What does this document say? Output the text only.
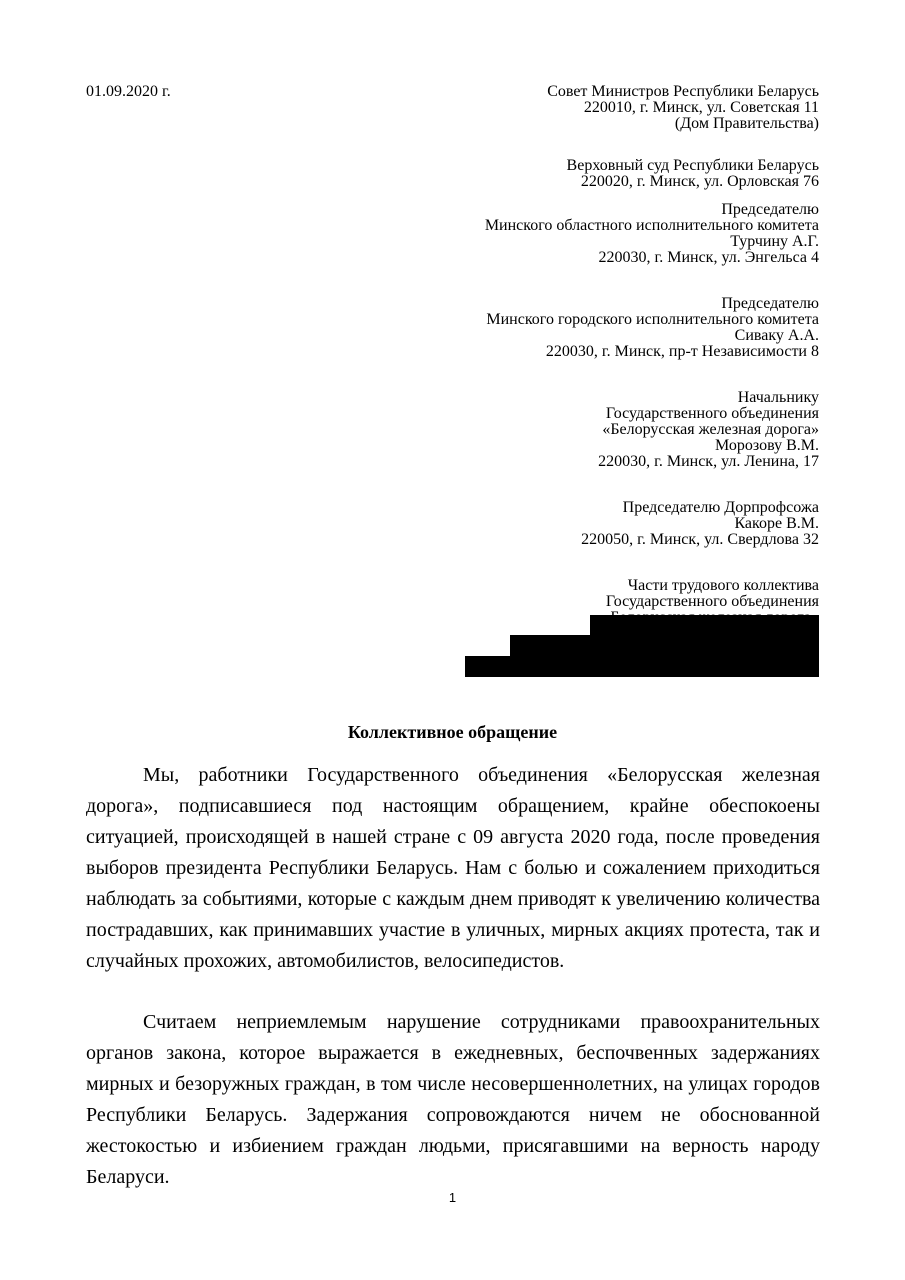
01.09.2020 г.	Совет Министров Республики Беларусь
220010, г. Минск, ул. Советская 11
(Дом Правительства)
Верховный суд Республики Беларусь
220020, г. Минск, ул. Орловская 76
Председателю
Минского областного исполнительного комитета
Турчину А.Г.
220030, г. Минск, ул. Энгельса 4
Председателю
Минского городского исполнительного комитета
Сиваку А.А.
220030, г. Минск, пр-т Независимости 8
Начальнику
Государственного объединения
«Белорусская железная дорога»
Морозову В.М.
220030, г. Минск, ул. Ленина, 17
Председателю Дорпрофсожа
Какоре В.М.
220050, г. Минск, ул. Свердлова 32
Части трудового коллектива
Государственного объединения
Коллективное обращение

Мы, работники Государственного объединения «Белорусская железная дорога», подписавшиеся под настоящим обращением, крайне обеспокоены ситуацией, происходящей в нашей стране с 09 августа 2020 года, после проведения выборов президента Республики Беларусь. Нам с болью и сожалением приходиться наблюдать за событиями, которые с каждым днем приводят к увеличению количества пострадавших, как принимавших участие в уличных, мирных акциях протеста, так и случайных прохожих, автомобилистов, велосипедистов.

Считаем неприемлемым нарушение сотрудниками правоохранительных органов закона, которое выражается в ежедневных, беспочвенных задержаниях мирных и безоружных граждан, в том числе несовершеннолетних, на улицах городов Республики Беларусь. Задержания сопровождаются ничем не обоснованной жестокостью и избиением граждан людьми, присягавшими на верность народу Беларуси.

1
